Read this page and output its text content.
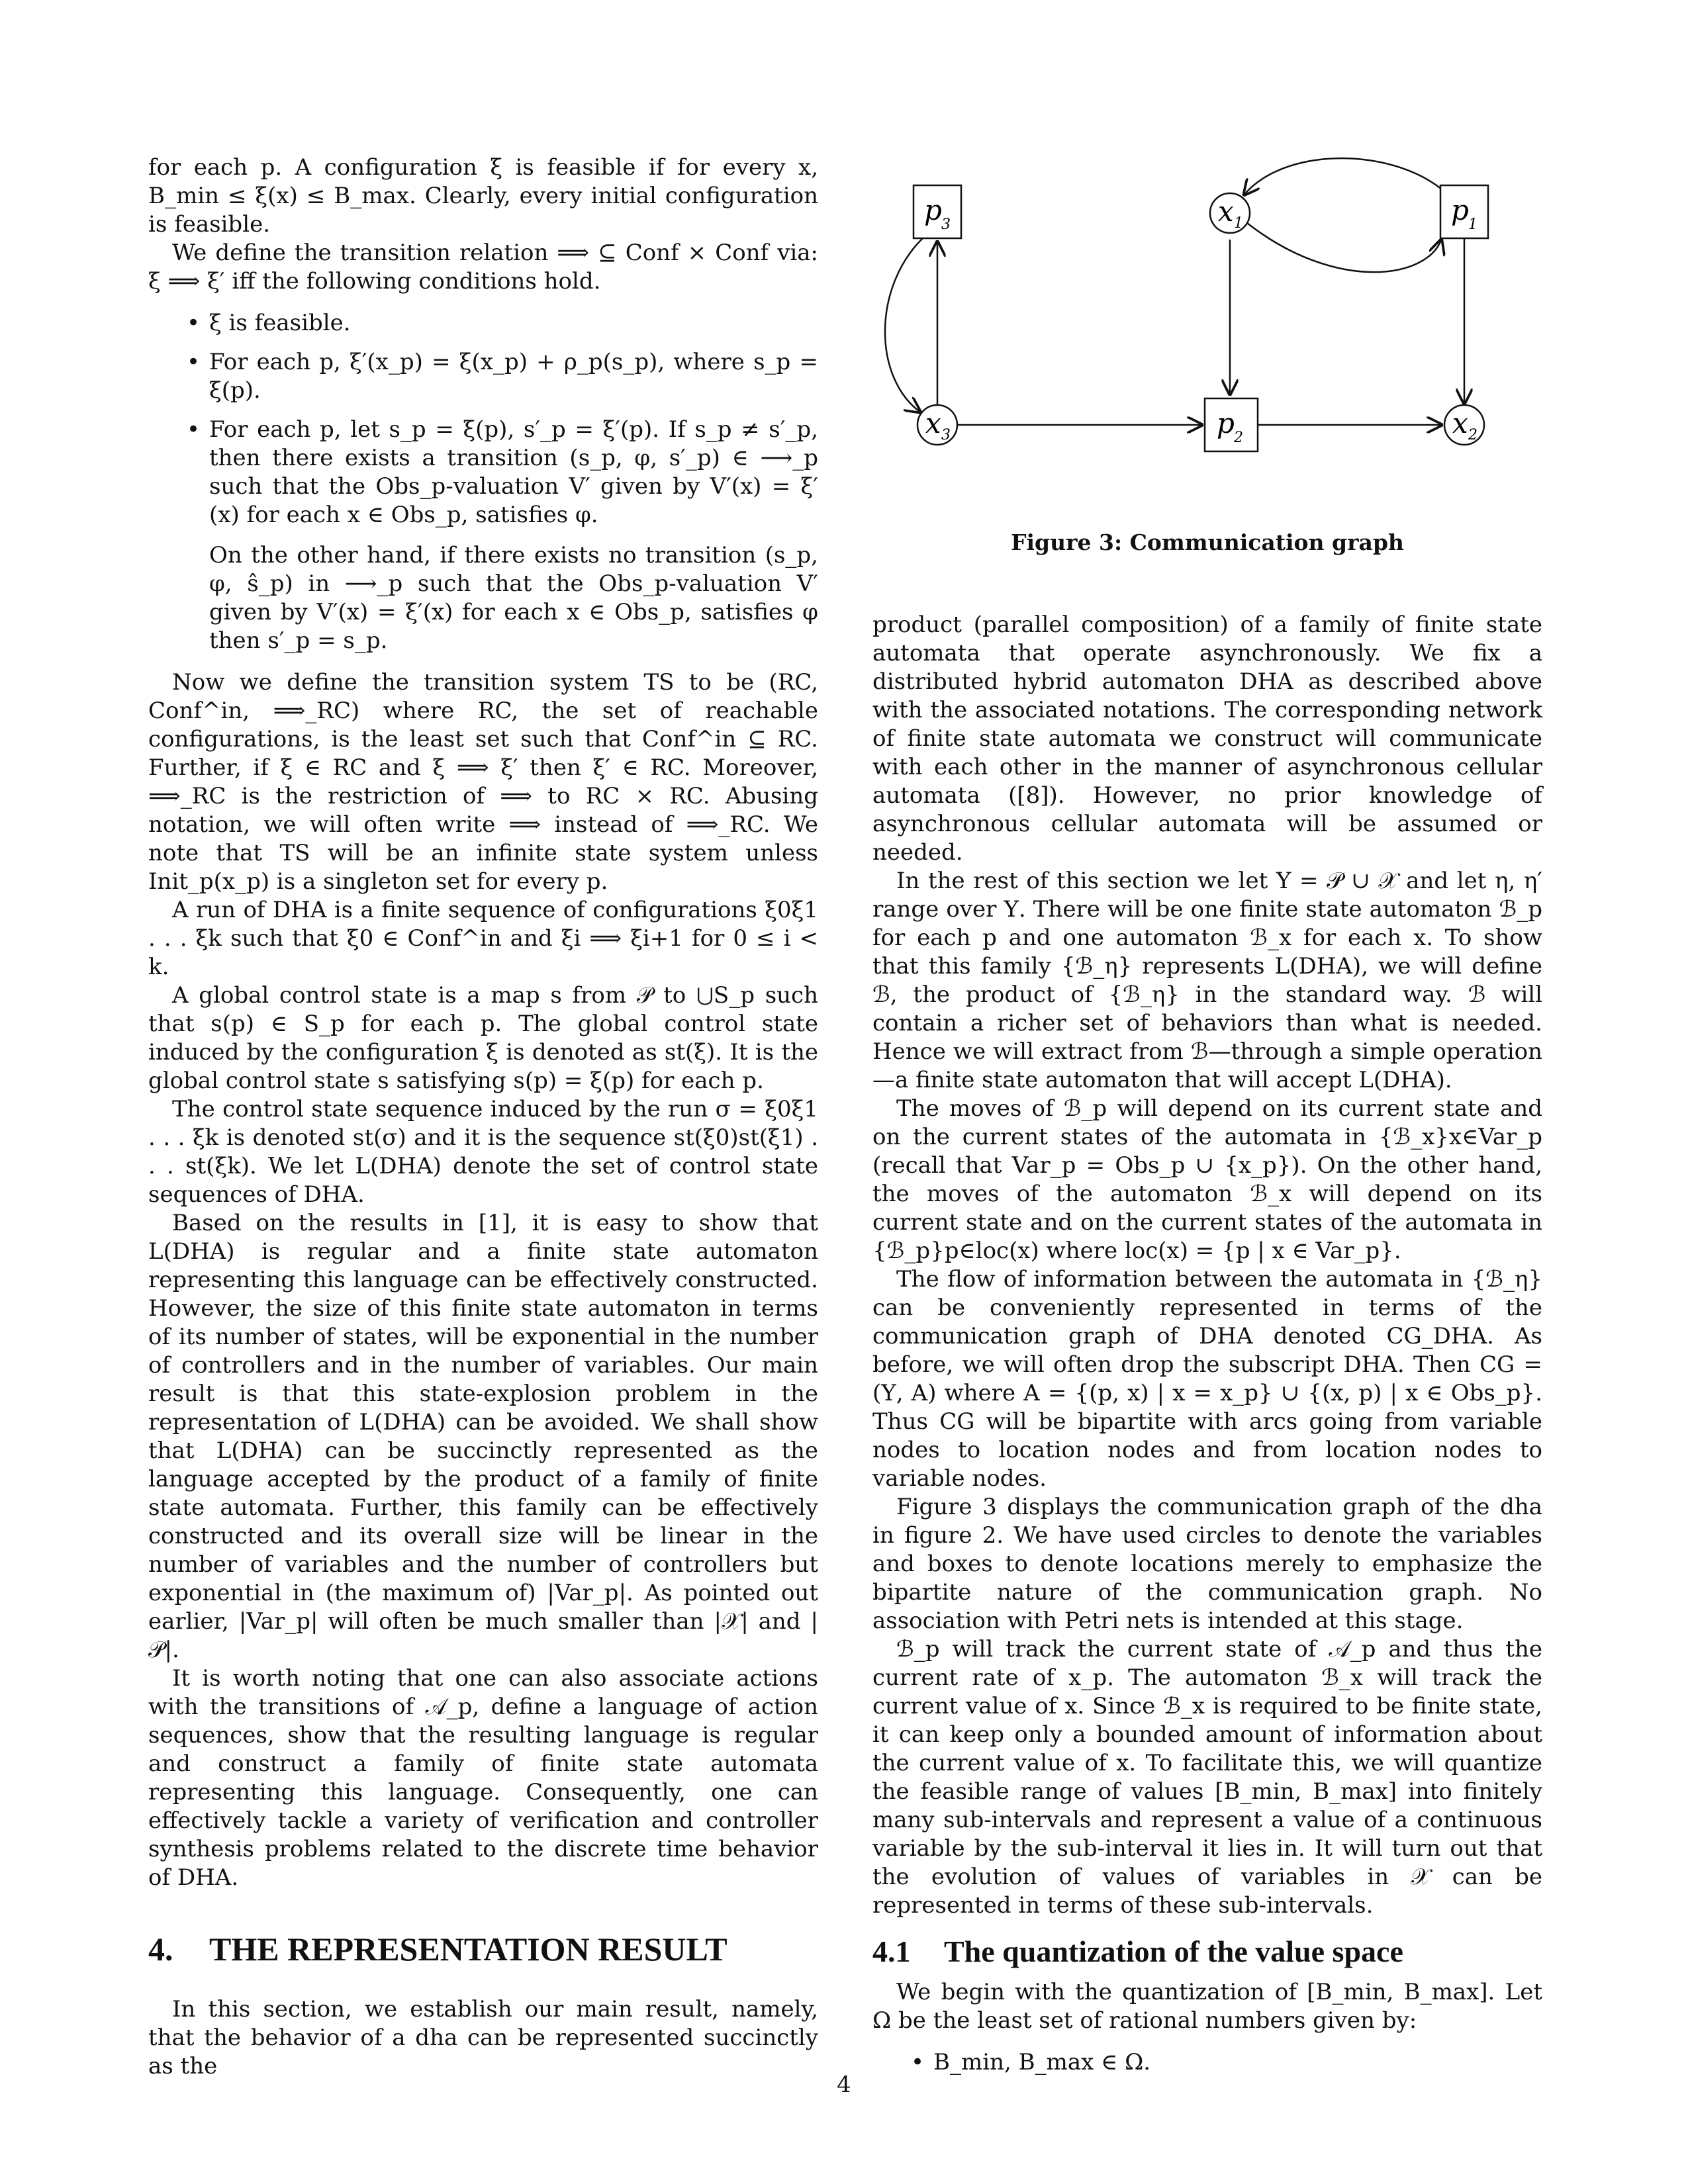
for each p. A configuration ξ is feasible if for every x, B_min ≤ ξ(x) ≤ B_max. Clearly, every initial configuration is feasible.

We define the transition relation ⟹ ⊆ Conf × Conf via: ξ ⟹ ξ′ iff the following conditions hold.

• ξ is feasible.
• For each p, ξ′(x_p) = ξ(x_p) + ρ_p(s_p), where s_p = ξ(p).

• For each p, let s_p = ξ(p), s′_p = ξ′(p). If s_p ≠ s′_p, then there exists a transition (s_p, φ, s′_p) ∈ ⟶_p such that the Obs_p-valuation V′ given by V′(x) = ξ′(x) for each x ∈ Obs_p, satisfies φ.

On the other hand, if there exists no transition (s_p, φ, ŝ_p) in ⟶_p such that the Obs_p-valuation V′ given by V′(x) = ξ′(x) for each x ∈ Obs_p, satisfies φ then s′_p = s_p.

Now we define the transition system TS to be (RC, Conf^in, ⟹_RC) where RC, the set of reachable configurations, is the least set such that Conf^in ⊆ RC. Further, if ξ ∈ RC and ξ ⟹ ξ′ then ξ′ ∈ RC. Moreover, ⟹_RC is the restriction of ⟹ to RC × RC. Abusing notation, we will often write ⟹ instead of ⟹_RC. We note that TS will be an infinite state system unless Init_p(x_p) is a singleton set for every p.

A run of DHA is a finite sequence of configurations ξ0ξ1 . . . ξk such that ξ0 ∈ Conf^in and ξi ⟹ ξi+1 for 0 ≤ i < k.

A global control state is a map s from 𝒫 to ⋃S_p such that s(p) ∈ S_p for each p. The global control state induced by the configuration ξ is denoted as st(ξ). It is the global control state s satisfying s(p) = ξ(p) for each p.

The control state sequence induced by the run σ = ξ0ξ1 . . . ξk is denoted st(σ) and it is the sequence st(ξ0)st(ξ1) . . . st(ξk). We let L(DHA) denote the set of control state sequences of DHA.

Based on the results in [1], it is easy to show that L(DHA) is regular and a finite state automaton representing this language can be effectively constructed. However, the size of this finite state automaton in terms of its number of states, will be exponential in the number of controllers and in the number of variables. Our main result is that this state-explosion problem in the representation of L(DHA) can be avoided. We shall show that L(DHA) can be succinctly represented as the language accepted by the product of a family of finite state automata. Further, this family can be effectively constructed and its overall size will be linear in the number of variables and the number of controllers but exponential in (the maximum of) |Var_p|. As pointed out earlier, |Var_p| will often be much smaller than |𝒳| and |𝒫|.

It is worth noting that one can also associate actions with the transitions of 𝒜_p, define a language of action sequences, show that the resulting language is regular and construct a family of finite state automata representing this language. Consequently, one can effectively tackle a variety of verification and controller synthesis problems related to the discrete time behavior of DHA.

4. THE REPRESENTATION RESULT

In this section, we establish our main result, namely, that the behavior of a dha can be represented succinctly as the

p 3	x 1	p 1
x 3	p 2	x 2
Figure 3: Communication graph

product (parallel composition) of a family of finite state automata that operate asynchronously. We fix a distributed hybrid automaton DHA as described above with the associated notations. The corresponding network of finite state automata we construct will communicate with each other in the manner of asynchronous cellular automata ([8]). However, no prior knowledge of asynchronous cellular automata will be assumed or needed.

In the rest of this section we let Υ = 𝒫 ∪ 𝒳 and let η, η′ range over Υ. There will be one finite state automaton ℬ_p for each p and one automaton ℬ_x for each x. To show that this family {ℬ_η} represents L(DHA), we will define ℬ, the product of {ℬ_η} in the standard way. ℬ will contain a richer set of behaviors than what is needed. Hence we will extract from ℬ—through a simple operation—a finite state automaton that will accept L(DHA).

The moves of ℬ_p will depend on its current state and on the current states of the automata in {ℬ_x}x∈Var_p (recall that Var_p = Obs_p ∪ {x_p}). On the other hand, the moves of the automaton ℬ_x will depend on its current state and on the current states of the automata in {ℬ_p}p∈loc(x) where loc(x) = {p | x ∈ Var_p}.

The flow of information between the automata in {ℬ_η} can be conveniently represented in terms of the communication graph of DHA denoted CG_DHA. As before, we will often drop the subscript DHA. Then CG = (Υ, A) where A = {(p, x) | x = x_p} ∪ {(x, p) | x ∈ Obs_p}. Thus CG will be bipartite with arcs going from variable nodes to location nodes and from location nodes to variable nodes.

Figure 3 displays the communication graph of the dha in figure 2. We have used circles to denote the variables and boxes to denote locations merely to emphasize the bipartite nature of the communication graph. No association with Petri nets is intended at this stage.

ℬ_p will track the current state of 𝒜_p and thus the current rate of x_p. The automaton ℬ_x will track the current value of x. Since ℬ_x is required to be finite state, it can keep only a bounded amount of information about the current value of x. To facilitate this, we will quantize the feasible range of values [B_min, B_max] into finitely many sub-intervals and represent a value of a continuous variable by the sub-interval it lies in. It will turn out that the evolution of values of variables in 𝒳 can be represented in terms of these sub-intervals.

4.1 The quantization of the value space

We begin with the quantization of [B_min, B_max]. Let Ω be the least set of rational numbers given by:

• B_min, B_max ∈ Ω.
4
